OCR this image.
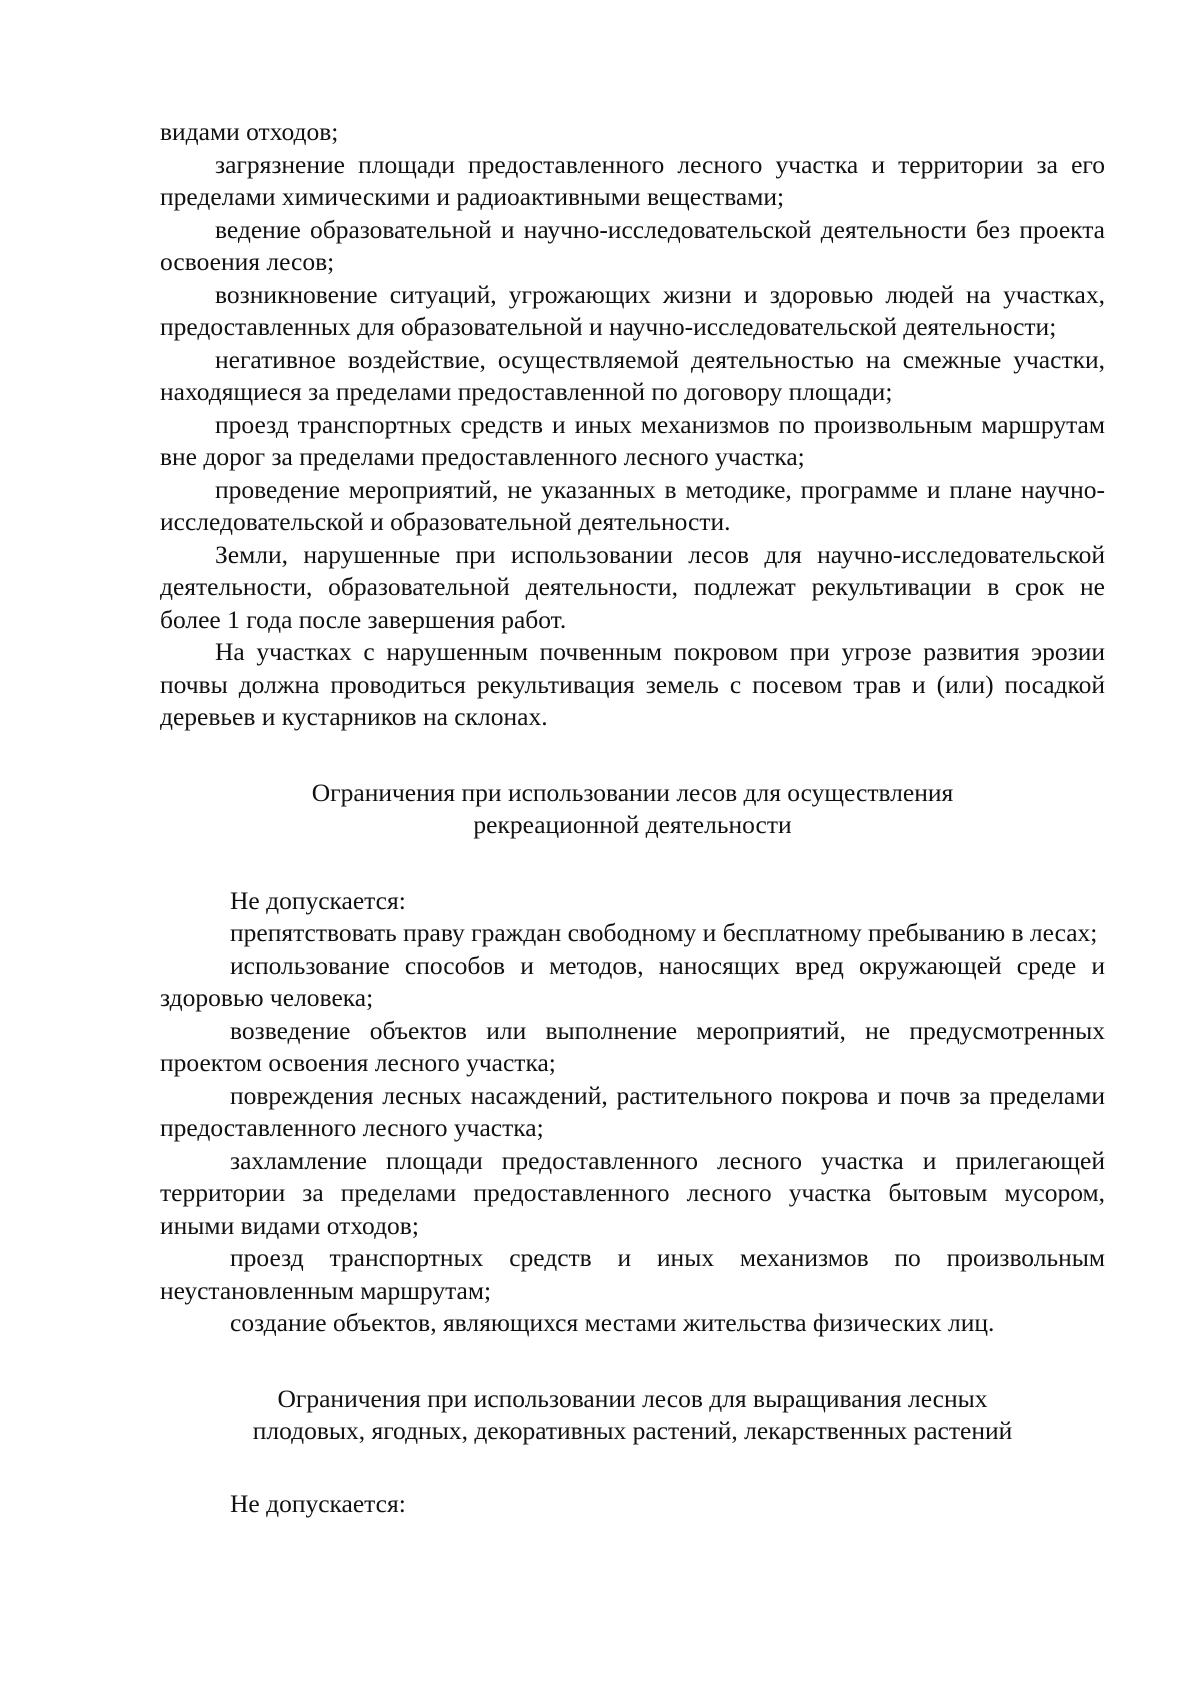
видами отходов;

загрязнение площади предоставленного лесного участка и территории за его пределами химическими и радиоактивными веществами;

ведение образовательной и научно-исследовательской деятельности без проекта освоения лесов;

возникновение ситуаций, угрожающих жизни и здоровью людей на участках, предоставленных для образовательной и научно-исследовательской деятельности;

негативное воздействие, осуществляемой деятельностью на смежные участки, находящиеся за пределами предоставленной по договору площади;

проезд транспортных средств и иных механизмов по произвольным маршрутам вне дорог за пределами предоставленного лесного участка;

проведение мероприятий, не указанных в методике, программе и плане научно-исследовательской и образовательной деятельности.

Земли, нарушенные при использовании лесов для научно-исследовательской деятельности, образовательной деятельности, подлежат рекультивации в срок не более 1 года после завершения работ.

На участках с нарушенным почвенным покровом при угрозе развития эрозии почвы должна проводиться рекультивация земель с посевом трав и (или) посадкой деревьев и кустарников на склонах.

Ограничения при использовании лесов для осуществления

рекреационной деятельности

Не допускается:

препятствовать праву граждан свободному и бесплатному пребыванию в лесах;

использование способов и методов, наносящих вред окружающей среде и здоровью человека;

возведение объектов или выполнение мероприятий, не предусмотренных проектом освоения лесного участка;

повреждения лесных насаждений, растительного покрова и почв за пределами предоставленного лесного участка;

захламление площади предоставленного лесного участка и прилегающей территории за пределами предоставленного лесного участка бытовым мусором, иными видами отходов;

проезд транспортных средств и иных механизмов по произвольным неустановленным маршрутам;

создание объектов, являющихся местами жительства физических лиц.

Ограничения при использовании лесов для выращивания лесных

плодовых, ягодных, декоративных растений, лекарственных растений

Не допускается:
